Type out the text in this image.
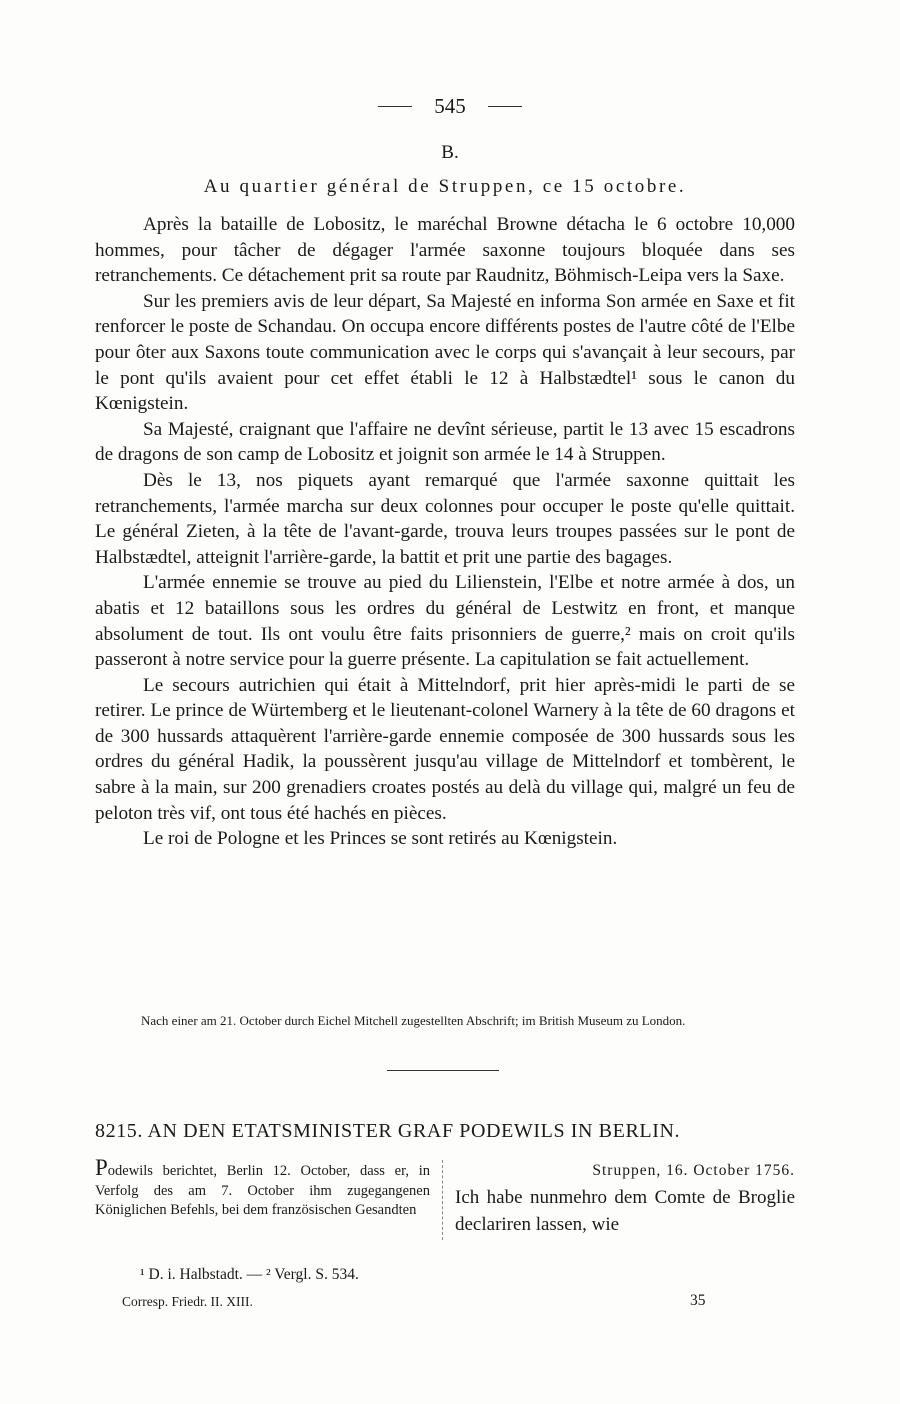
545
B.
Au quartier général de Struppen, ce 15 octobre.

Après la bataille de Lobositz, le maréchal Browne détacha le 6 octobre 10,000 hommes, pour tâcher de dégager l'armée saxonne toujours bloquée dans ses retranchements. Ce détachement prit sa route par Raudnitz, Böhmisch-Leipa vers la Saxe.

Sur les premiers avis de leur départ, Sa Majesté en informa Son armée en Saxe et fit renforcer le poste de Schandau. On occupa encore différents postes de l'autre côté de l'Elbe pour ôter aux Saxons toute communication avec le corps qui s'avançait à leur secours, par le pont qu'ils avaient pour cet effet établi le 12 à Halbstædtel¹ sous le canon du Kœnigstein.

Sa Majesté, craignant que l'affaire ne devînt sérieuse, partit le 13 avec 15 escadrons de dragons de son camp de Lobositz et joignit son armée le 14 à Struppen.

Dès le 13, nos piquets ayant remarqué que l'armée saxonne quittait les retranchements, l'armée marcha sur deux colonnes pour occuper le poste qu'elle quittait. Le général Zieten, à la tête de l'avant-garde, trouva leurs troupes passées sur le pont de Halbstædtel, atteignit l'arrière-garde, la battit et prit une partie des bagages.

L'armée ennemie se trouve au pied du Lilienstein, l'Elbe et notre armée à dos, un abatis et 12 bataillons sous les ordres du général de Lestwitz en front, et manque absolument de tout. Ils ont voulu être faits prisonniers de guerre,² mais on croit qu'ils passeront à notre service pour la guerre présente. La capitulation se fait actuellement.

Le secours autrichien qui était à Mittelndorf, prit hier après-midi le parti de se retirer. Le prince de Würtemberg et le lieutenant-colonel Warnery à la tête de 60 dragons et de 300 hussards attaquèrent l'arrière-garde ennemie composée de 300 hussards sous les ordres du général Hadik, la poussèrent jusqu'au village de Mittelndorf et tombèrent, le sabre à la main, sur 200 grenadiers croates postés au delà du village qui, malgré un feu de peloton très vif, ont tous été hachés en pièces.

Le roi de Pologne et les Princes se sont retirés au Kœnigstein.

Nach einer am 21. October durch Eichel Mitchell zugestellten Abschrift; im British Museum zu London.
8215. AN DEN ETATSMINISTER GRAF PODEWILS IN BERLIN.
Podewils berichtet, Berlin 12. October, dass er, in Verfolg des am 7. October ihm zugegangenen Königlichen Befehls, bei dem französischen Gesandten
Struppen, 16. October 1756.
Ich habe nunmehro dem Comte de Broglie declariren lassen, wie
¹ D. i. Halbstadt. — ² Vergl. S. 534.
Corresp. Friedr. II. XIII.	35
